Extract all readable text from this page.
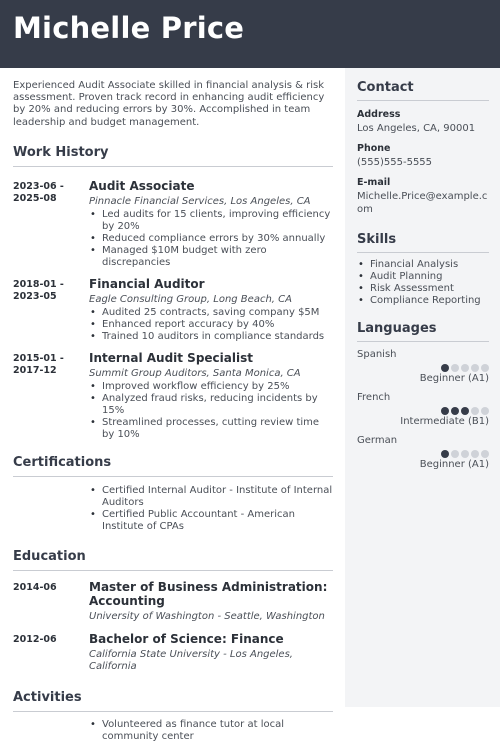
Michelle Price

Experienced Audit Associate skilled in financial analysis & risk assessment. Proven track record in enhancing audit efficiency by 20% and reducing errors by 30%. Accomplished in team leadership and budget management.

Work History
2023-06 - 2025-08
Audit Associate
Pinnacle Financial Services, Los Angeles, CA
• Led audits for 15 clients, improving efficiency by 20%
• Reduced compliance errors by 30% annually
• Managed $10M budget with zero discrepancies
2018-01 - 2023-05
Financial Auditor
Eagle Consulting Group, Long Beach, CA
• Audited 25 contracts, saving company $5M
• Enhanced report accuracy by 40%
• Trained 10 auditors in compliance standards
2015-01 - 2017-12
Internal Audit Specialist
Summit Group Auditors, Santa Monica, CA
• Improved workflow efficiency by 25%
• Analyzed fraud risks, reducing incidents by 15%
• Streamlined processes, cutting review time by 10%
Certifications
• Certified Internal Auditor - Institute of Internal Auditors
• Certified Public Accountant - American Institute of CPAs
Education
2014-06	Master of Business Administration: Accounting
University of Washington - Seattle, Washington
2012-06	Bachelor of Science: Finance
California State University - Los Angeles, California
Activities
• Volunteered as finance tutor at local community center
Contact
Address
Los Angeles, CA, 90001
Phone
(555)555-5555
E-mail
Michelle.Price@example.com
Skills
• Financial Analysis
• Audit Planning
• Risk Assessment
• Compliance Reporting
Languages
Spanish
Beginner (A1)
French
Intermediate (B1)
German
Beginner (A1)
